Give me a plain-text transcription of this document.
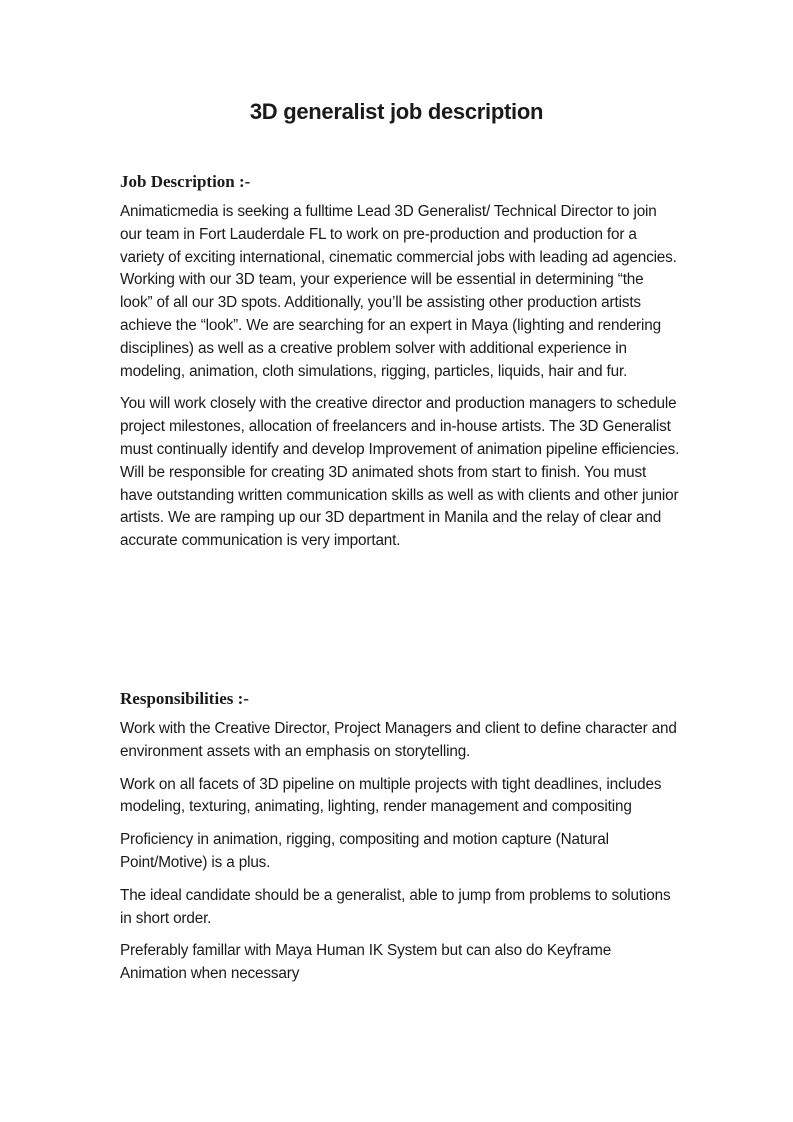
3D generalist job description
Job Description :-

Animaticmedia is seeking a fulltime Lead 3D Generalist/ Technical Director to join our team in Fort Lauderdale FL to work on pre-production and production for a variety of exciting international, cinematic commercial jobs with leading ad agencies. Working with our 3D team, your experience will be essential in determining “the look” of all our 3D spots. Additionally, you’ll be assisting other production artists achieve the “look”. We are searching for an expert in Maya (lighting and rendering disciplines) as well as a creative problem solver with additional experience in modeling, animation, cloth simulations, rigging, particles, liquids, hair and fur.

You will work closely with the creative director and production managers to schedule project milestones, allocation of freelancers and in-house artists. The 3D Generalist must continually identify and develop Improvement of animation pipeline efficiencies. Will be responsible for creating 3D animated shots from start to finish. You must have outstanding written communication skills as well as with clients and other junior artists. We are ramping up our 3D department in Manila and the relay of clear and accurate communication is very important.

Responsibilities :-

Work with the Creative Director, Project Managers and client to define character and environment assets with an emphasis on storytelling.

Work on all facets of 3D pipeline on multiple projects with tight deadlines, includes modeling, texturing, animating, lighting, render management and compositing

Proficiency in animation, rigging, compositing and motion capture (Natural Point/Motive) is a plus.

The ideal candidate should be a generalist, able to jump from problems to solutions in short order.

Preferably famillar with Maya Human IK System but can also do Keyframe Animation when necessary
